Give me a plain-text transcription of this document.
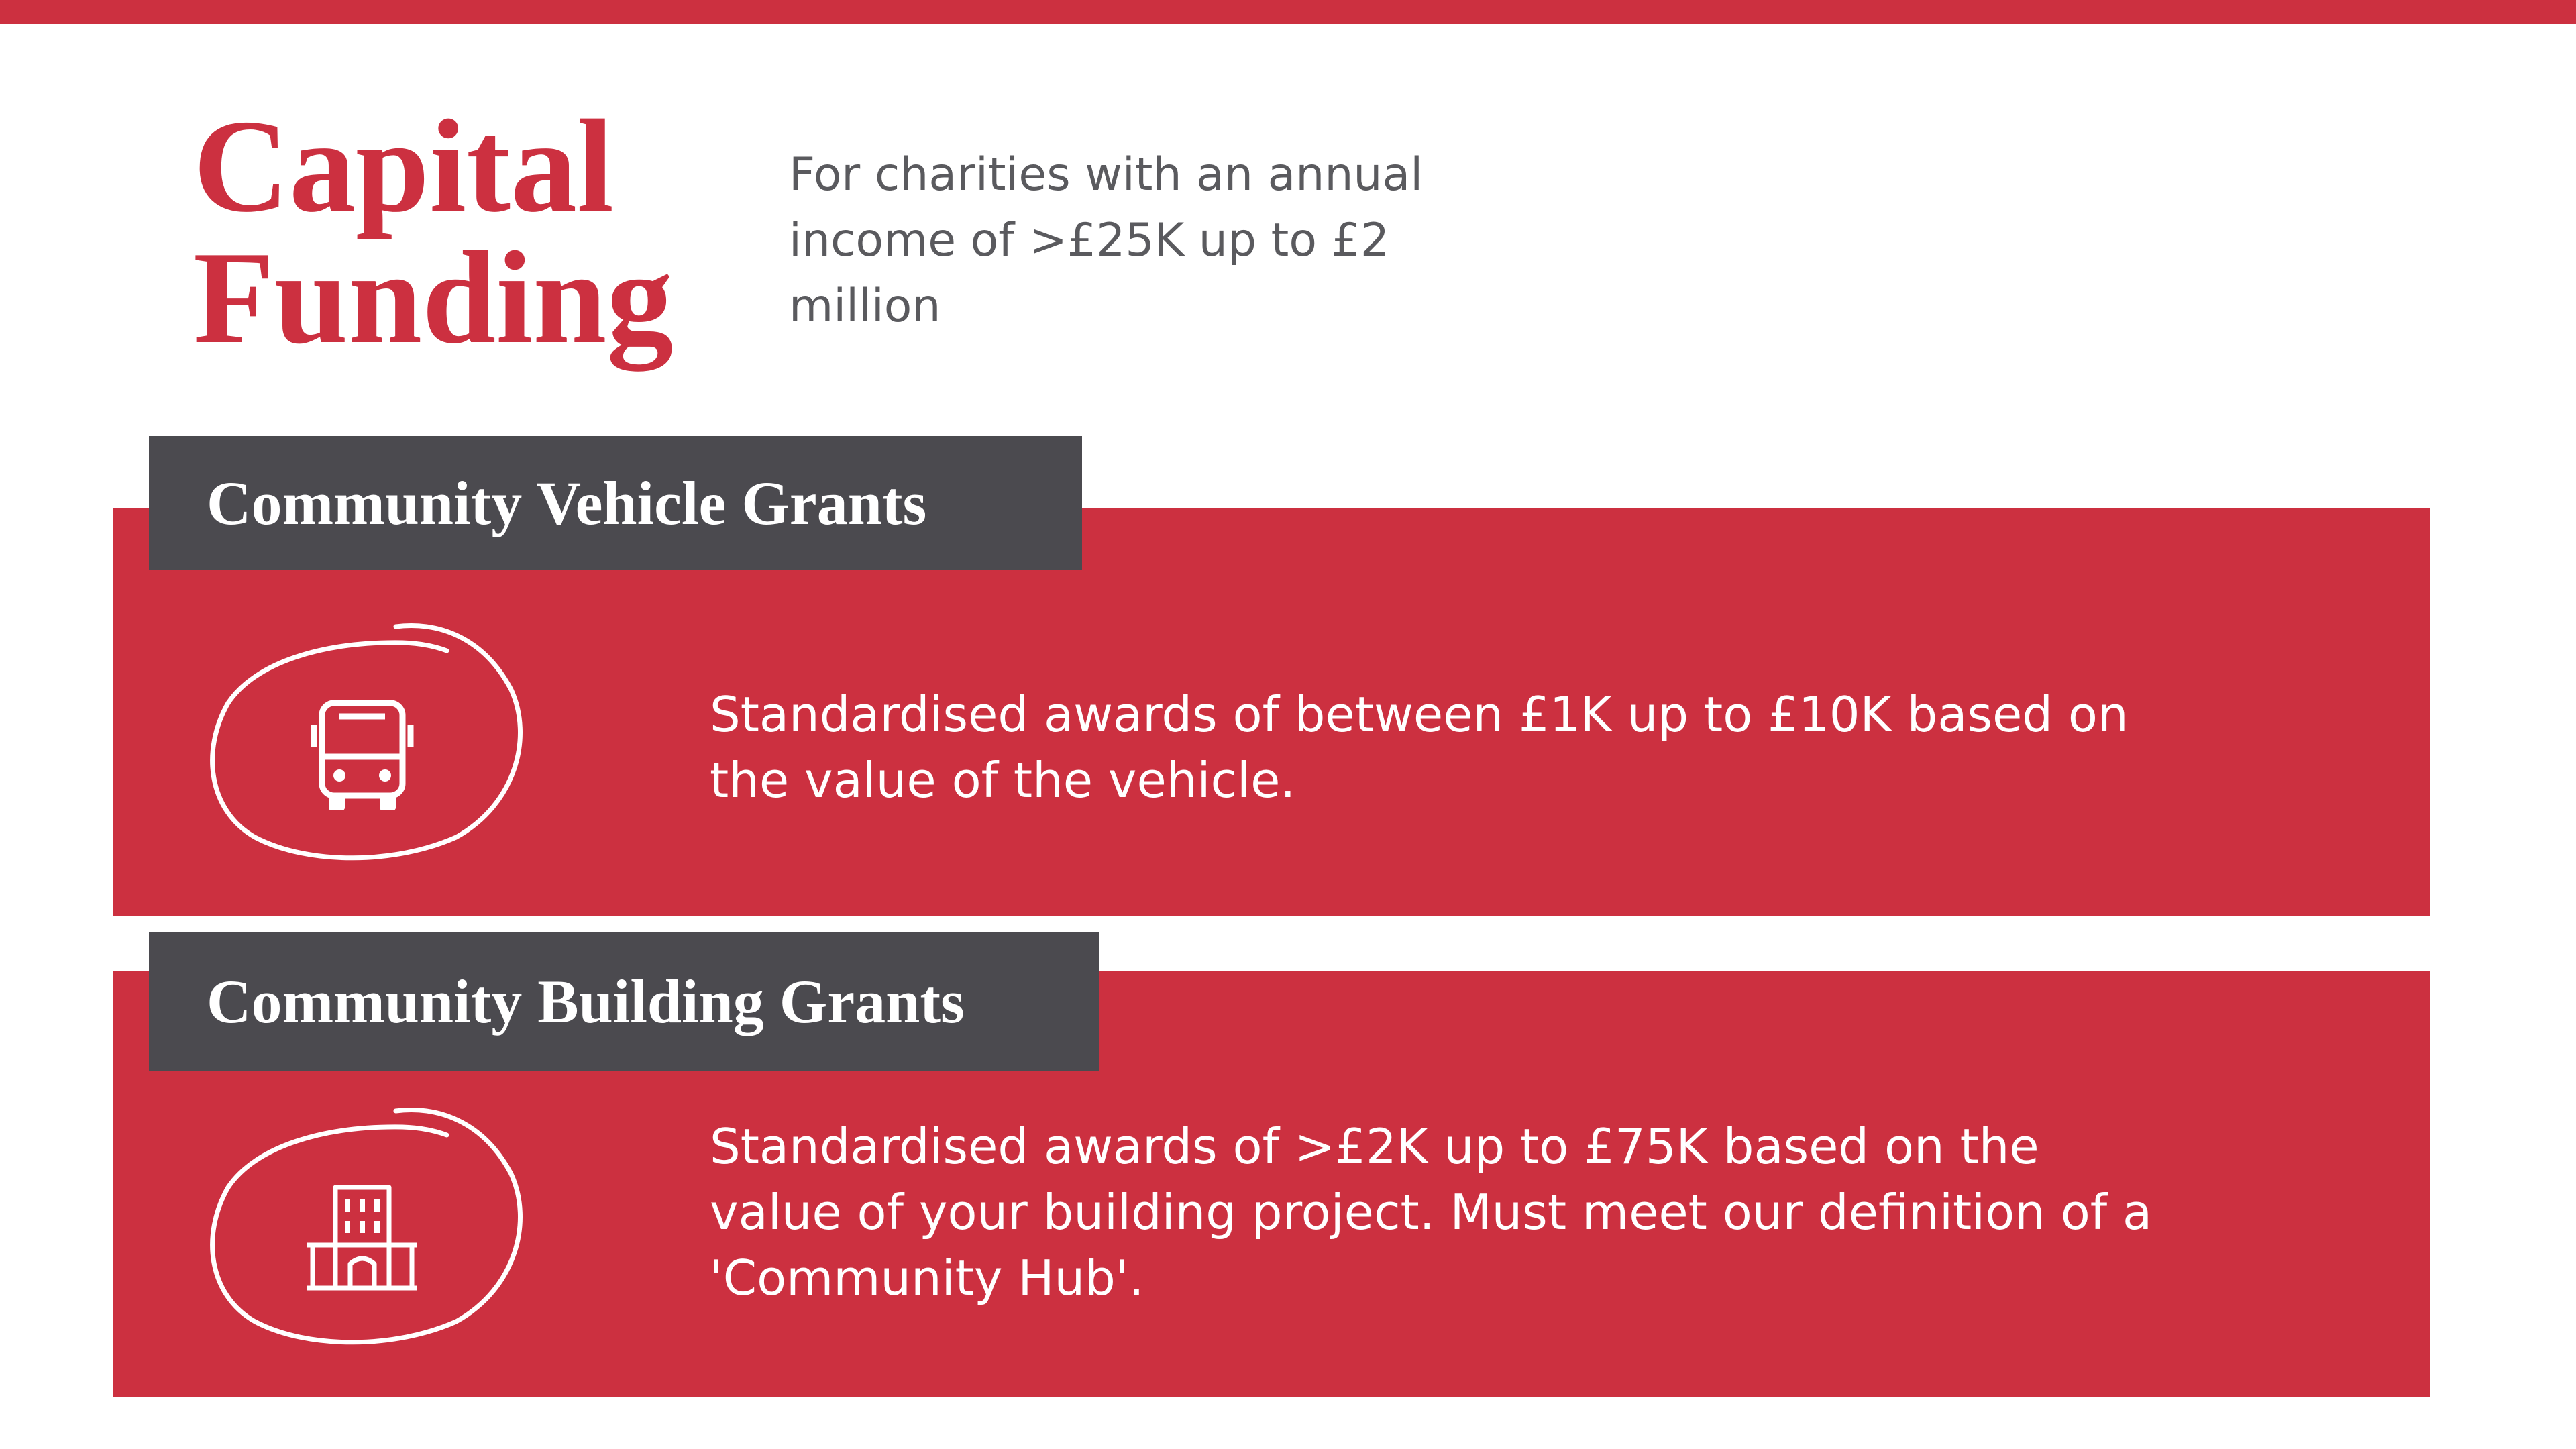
Capital
Funding

For charities with an annual income of >£25K up to £2 million

Community Vehicle Grants

Standardised awards of between £1K up to £10K based on the value of the vehicle.

Community Building Grants

Standardised awards of >£2K up to £75K based on the value of your building project. Must meet our definition of a 'Community Hub'.
